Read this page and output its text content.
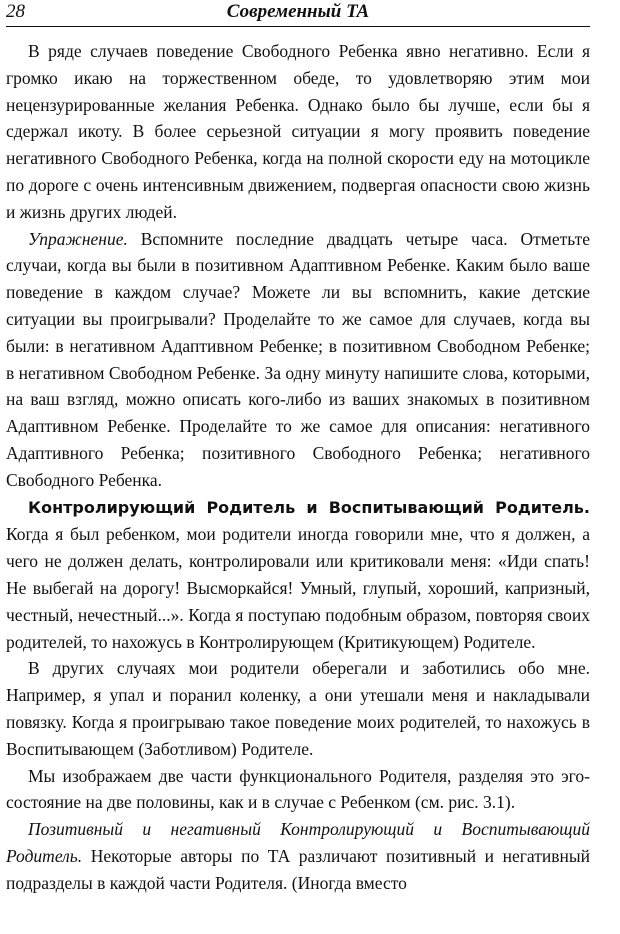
28	Современный ТА

В ряде случаев поведение Свободного Ребенка явно негативно. Если я громко икаю на торжественном обеде, то удовлетворяю этим мои нецензурированные желания Ребенка. Однако было бы лучше, если бы я сдержал икоту. В более серьезной ситуации я могу проявить поведение негативного Свободного Ребенка, когда на полной скорости еду на мотоцикле по дороге с очень интенсивным движением, подвергая опасности свою жизнь и жизнь других людей.

Упражнение. Вспомните последние двадцать четыре часа. Отметьте случаи, когда вы были в позитивном Адаптивном Ребенке. Каким было ваше поведение в каждом случае? Можете ли вы вспомнить, какие детские ситуации вы проигрывали? Проделайте то же самое для случаев, когда вы были: в негативном Адаптивном Ребенке; в позитивном Свободном Ребенке; в негативном Свободном Ребенке. За одну минуту напишите слова, которыми, на ваш взгляд, можно описать кого-либо из ваших знакомых в позитивном Адаптивном Ребенке. Проделайте то же самое для описания: негативного Адаптивного Ребенка; позитивного Свободного Ребенка; негативного Свободного Ребенка.

Контролирующий Родитель и Воспитывающий Родитель. Когда я был ребенком, мои родители иногда говорили мне, что я должен, а чего не должен делать, контролировали или критиковали меня: «Иди спать! Не выбегай на дорогу! Высморкайся! Умный, глупый, хороший, капризный, честный, нечестный...». Когда я поступаю подобным образом, повторяя своих родителей, то нахожусь в Контролирующем (Критикующем) Родителе.

В других случаях мои родители оберегали и заботились обо мне. Например, я упал и поранил коленку, а они утешали меня и накладывали повязку. Когда я проигрываю такое поведение моих родителей, то нахожусь в Воспитывающем (Заботливом) Родителе.

Мы изображаем две части функционального Родителя, разделяя это эго-состояние на две половины, как и в случае с Ребенком (см. рис. 3.1).

Позитивный и негативный Контролирующий и Воспитывающий Родитель. Некоторые авторы по ТА различают позитивный и негативный подразделы в каждой части Родителя. (Иногда вместо
